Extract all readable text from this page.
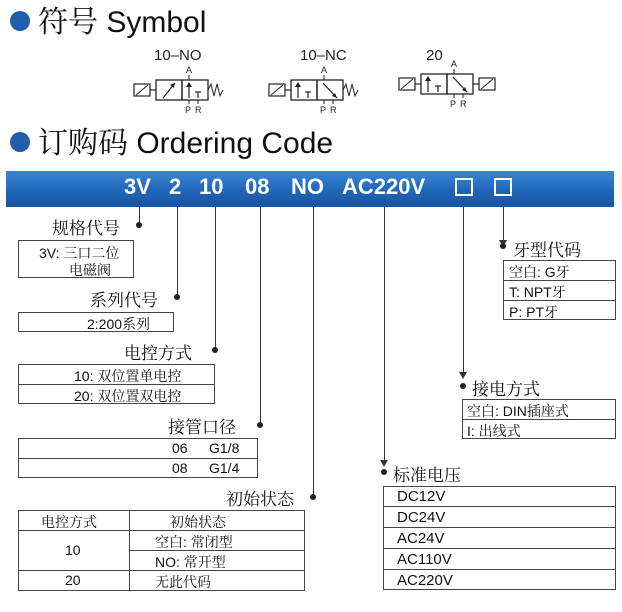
符号 Symbol
10–NO	10–NC	20
A
P R
A
P R
A
P R
订购码 Ordering Code
3V 2 10 08 NO AC220V
规格代号
3V: 三口二位
电磁阀
系列代号
2:200系列
电控方式
10: 双位置单电控
20: 双位置双电控
接管口径
06 G1/8
08 G1/4
初始状态
电控方式	初始状态
10	空白: 常闭型
NO: 常开型
20	无此代码
牙型代码
空白: G牙
T: NPT牙
P: PT牙
接电方式
空白: DIN插座式
I: 出线式
标准电压
DC12V
DC24V
AC24V
AC110V
AC220V
